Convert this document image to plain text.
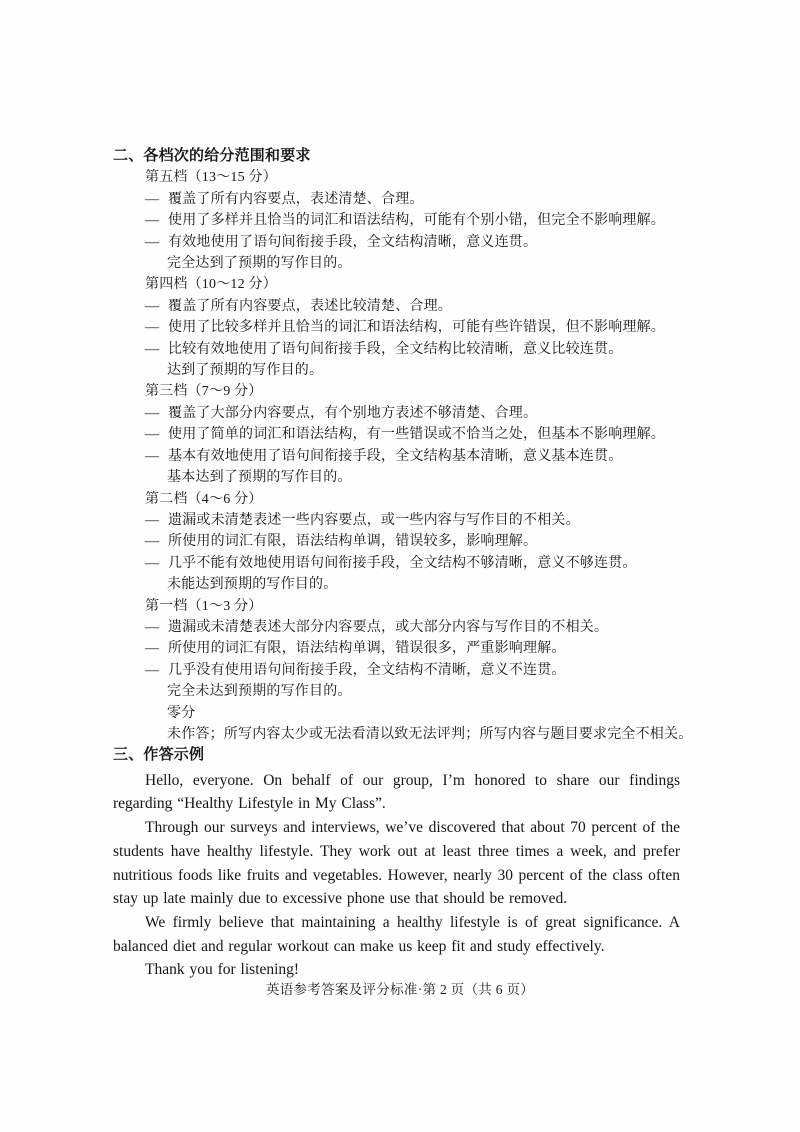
二、各档次的给分范围和要求
第五档（13～15 分）
— 覆盖了所有内容要点，表述清楚、合理。
— 使用了多样并且恰当的词汇和语法结构，可能有个别小错，但完全不影响理解。
— 有效地使用了语句间衔接手段，全文结构清晰，意义连贯。
完全达到了预期的写作目的。
第四档（10～12 分）
— 覆盖了所有内容要点，表述比较清楚、合理。
— 使用了比较多样并且恰当的词汇和语法结构，可能有些许错误，但不影响理解。
— 比较有效地使用了语句间衔接手段，全文结构比较清晰，意义比较连贯。
达到了预期的写作目的。
第三档（7～9 分）
— 覆盖了大部分内容要点，有个别地方表述不够清楚、合理。
— 使用了简单的词汇和语法结构，有一些错误或不恰当之处，但基本不影响理解。
— 基本有效地使用了语句间衔接手段，全文结构基本清晰，意义基本连贯。
基本达到了预期的写作目的。
第二档（4～6 分）
— 遗漏或未清楚表述一些内容要点，或一些内容与写作目的不相关。
— 所使用的词汇有限，语法结构单调，错误较多，影响理解。
— 几乎不能有效地使用语句间衔接手段，全文结构不够清晰，意义不够连贯。
未能达到预期的写作目的。
第一档（1～3 分）
— 遗漏或未清楚表述大部分内容要点，或大部分内容与写作目的不相关。
— 所使用的词汇有限，语法结构单调，错误很多，严重影响理解。
— 几乎没有使用语句间衔接手段，全文结构不清晰，意义不连贯。
完全未达到预期的写作目的。
零分
未作答；所写内容太少或无法看清以致无法评判；所写内容与题目要求完全不相关。
三、作答示例

Hello, everyone. On behalf of our group, I’m honored to share our findings regarding “Healthy Lifestyle in My Class”.

Through our surveys and interviews, we’ve discovered that about 70 percent of the students have healthy lifestyle. They work out at least three times a week, and prefer nutritious foods like fruits and vegetables. However, nearly 30 percent of the class often stay up late mainly due to excessive phone use that should be removed.

We firmly believe that maintaining a healthy lifestyle is of great significance. A balanced diet and regular workout can make us keep fit and study effectively.

Thank you for listening!

英语参考答案及评分标准·第 2 页（共 6 页）
